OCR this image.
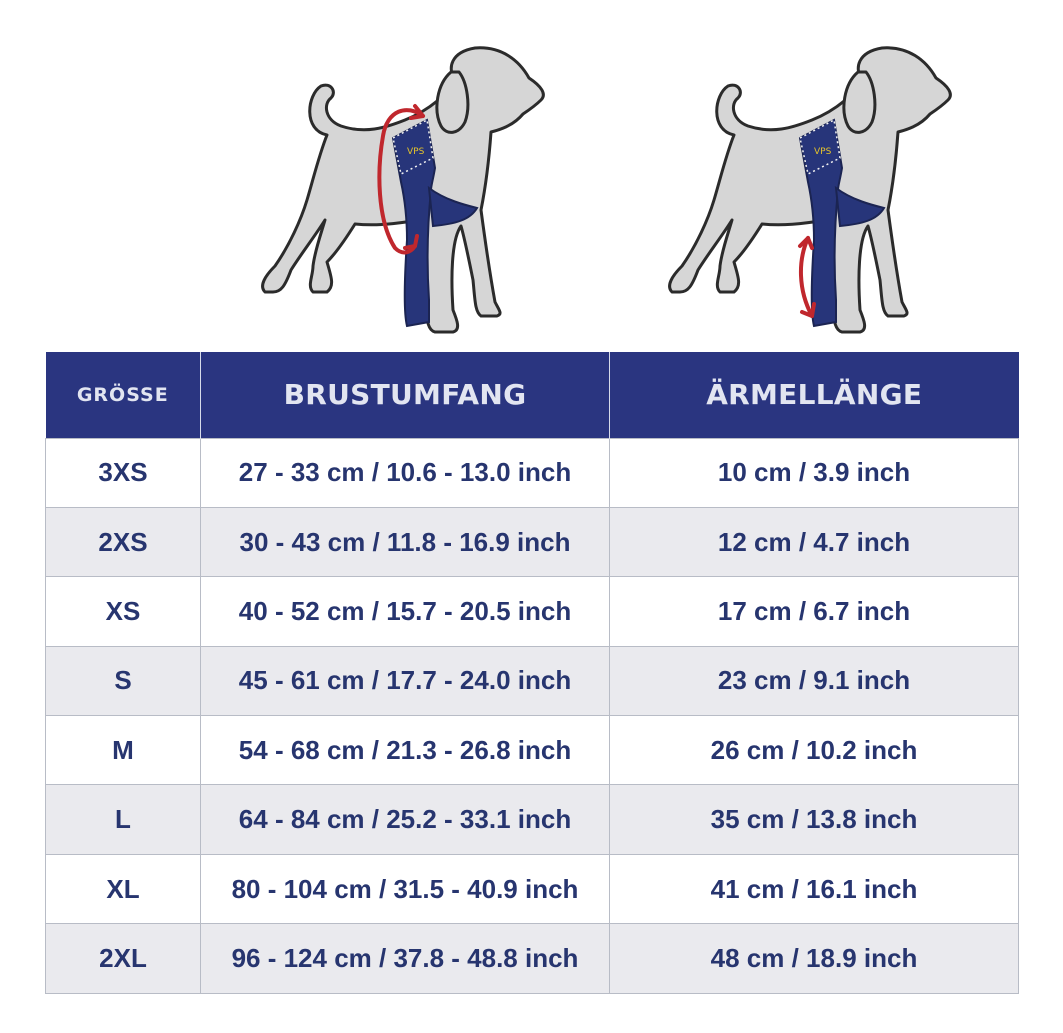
VPS	VPS
GRÖSSE	BRUSTUMFANG	ÄRMELLÄNGE
3XS	27 - 33 cm / 10.6 - 13.0 inch	10 cm / 3.9 inch
2XS	30 - 43 cm / 11.8 - 16.9 inch	12 cm / 4.7 inch
XS	40 - 52 cm / 15.7 - 20.5 inch	17 cm / 6.7 inch
S	45 - 61 cm / 17.7 - 24.0 inch	23 cm / 9.1 inch
M	54 - 68 cm / 21.3 - 26.8 inch	26 cm / 10.2 inch
L	64 - 84 cm / 25.2 - 33.1 inch	35 cm / 13.8 inch
XL	80 - 104 cm / 31.5 - 40.9 inch	41 cm / 16.1 inch
2XL	96 - 124 cm / 37.8 - 48.8 inch	48 cm / 18.9 inch
